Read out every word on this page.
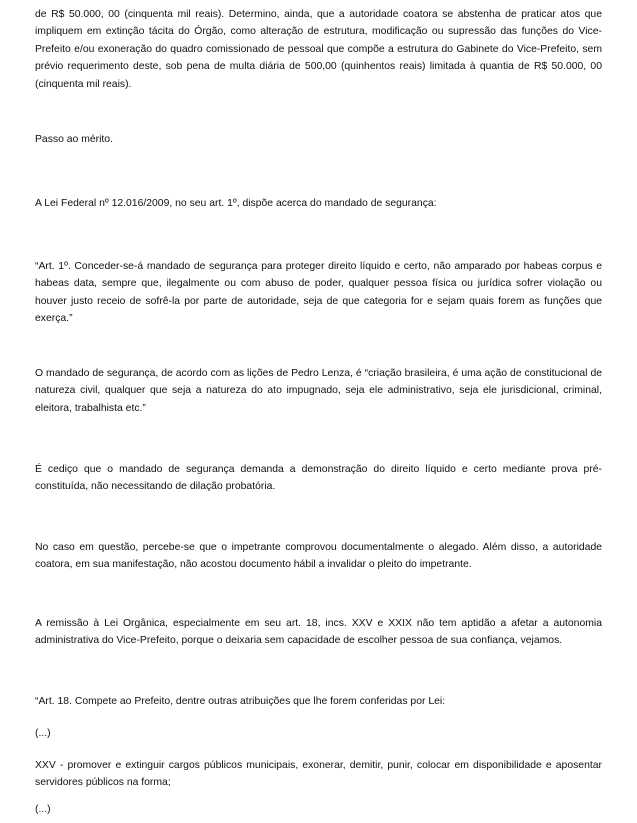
de R$ 50.000, 00 (cinquenta mil reais). Determino, ainda, que a autoridade coatora se abstenha de praticar atos que impliquem em extinção tácita do Órgão, como alteração de estrutura, modificação ou supressão das funções do Vice-Prefeito e/ou exoneração do quadro comissionado de pessoal que compõe a estrutura do Gabinete do Vice-Prefeito, sem prévio requerimento deste, sob pena de multa diária de 500,00 (quinhentos reais) limitada à quantia de R$ 50.000, 00 (cinquenta mil reais).

Passo ao mérito.

A Lei Federal nº 12.016/2009, no seu art. 1º, dispõe acerca do mandado de segurança:

“Art. 1º. Conceder-se-á mandado de segurança para proteger direito líquido e certo, não amparado por habeas corpus e habeas data, sempre que, ilegalmente ou com abuso de poder, qualquer pessoa física ou jurídica sofrer violação ou houver justo receio de sofrê-la por parte de autoridade, seja de que categoria for e sejam quais forem as funções que exerça.”

O mandado de segurança, de acordo com as lições de Pedro Lenza, é “criação brasileira, é uma ação de constitucional de natureza civil, qualquer que seja a natureza do ato impugnado, seja ele administrativo, seja ele jurisdicional, criminal, eleitora, trabalhista etc.”

É cediço que o mandado de segurança demanda a demonstração do direito líquido e certo mediante prova pré-constituída, não necessitando de dilação probatória.

No caso em questão, percebe-se que o impetrante comprovou documentalmente o alegado. Além disso, a autoridade coatora, em sua manifestação, não acostou documento hábil a invalidar o pleito do impetrante.

A remissão à Lei Orgânica, especialmente em seu art. 18, incs. XXV e XXIX não tem aptidão a afetar a autonomia administrativa do Vice-Prefeito, porque o deixaria sem capacidade de escolher pessoa de sua confiança, vejamos.

“Art. 18. Compete ao Prefeito, dentre outras atribuições que lhe forem conferidas por Lei:

(...)

XXV - promover e extinguir cargos públicos municipais, exonerar, demitir, punir, colocar em disponibilidade e aposentar servidores públicos na forma;

(...)
